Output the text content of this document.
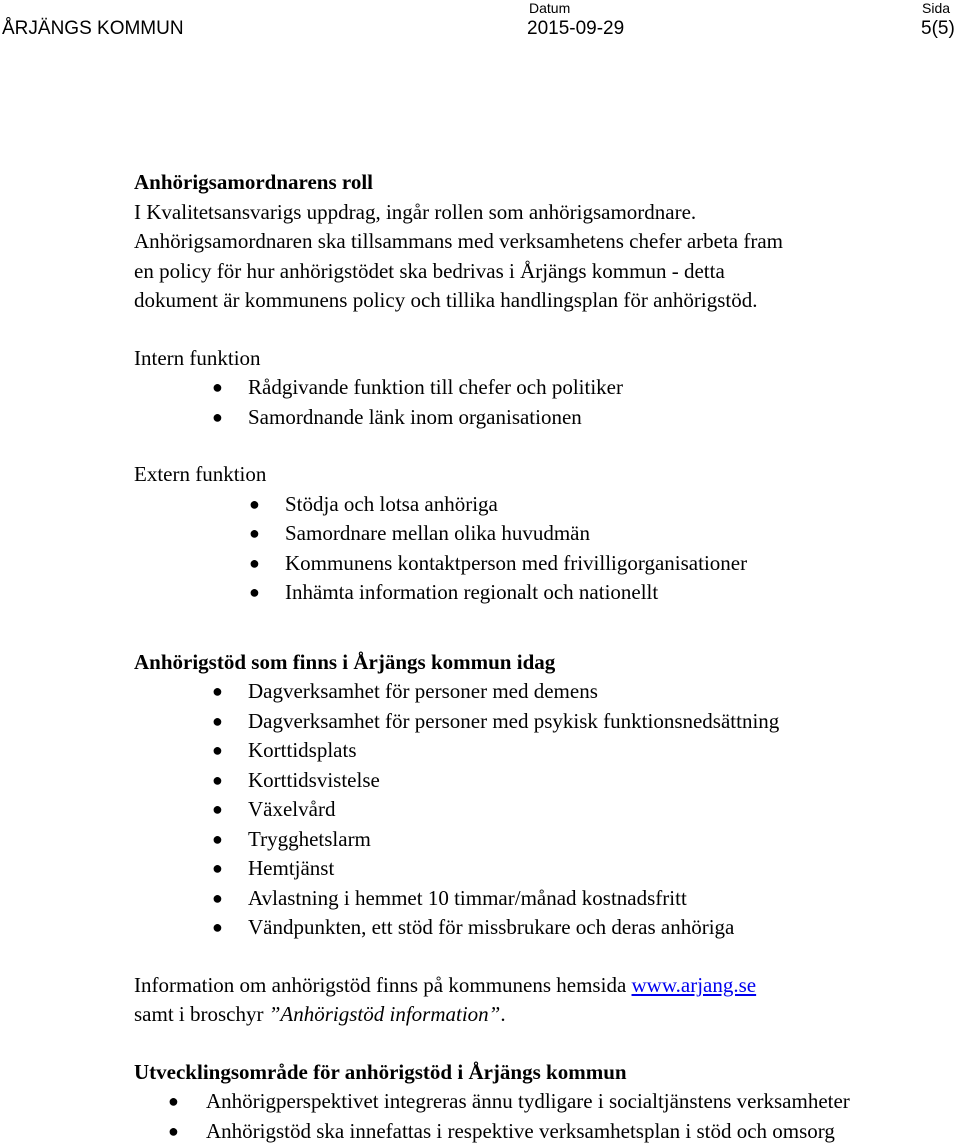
ÅRJÄNGS KOMMUN
Datum
2015-09-29
Sida
5(5)

Anhörigsamordnarens roll

I Kvalitetsansvarigs uppdrag, ingår rollen som anhörigsamordnare.

Anhörigsamordnaren ska tillsammans med verksamhetens chefer arbeta fram

en policy för hur anhörigstödet ska bedrivas i Årjängs kommun - detta

dokument är kommunens policy och tillika handlingsplan för anhörigstöd.

Intern funktion

● Rådgivande funktion till chefer och politiker
● Samordnande länk inom organisationen

Extern funktion

● Stödja och lotsa anhöriga
● Samordnare mellan olika huvudmän
● Kommunens kontaktperson med frivilligorganisationer
● Inhämta information regionalt och nationellt

Anhörigstöd som finns i Årjängs kommun idag

● Dagverksamhet för personer med demens
● Dagverksamhet för personer med psykisk funktionsnedsättning
● Korttidsplats
● Korttidsvistelse
● Växelvård
● Trygghetslarm
● Hemtjänst
● Avlastning i hemmet 10 timmar/månad kostnadsfritt
● Vändpunkten, ett stöd för missbrukare och deras anhöriga

Information om anhörigstöd finns på kommunens hemsida www.arjang.se

samt i broschyr ”Anhörigstöd information”.

Utvecklingsområde för anhörigstöd i Årjängs kommun

● Anhörigperspektivet integreras ännu tydligare i socialtjänstens verksamheter
● Anhörigstöd ska innefattas i respektive verksamhetsplan i stöd och omsorg
